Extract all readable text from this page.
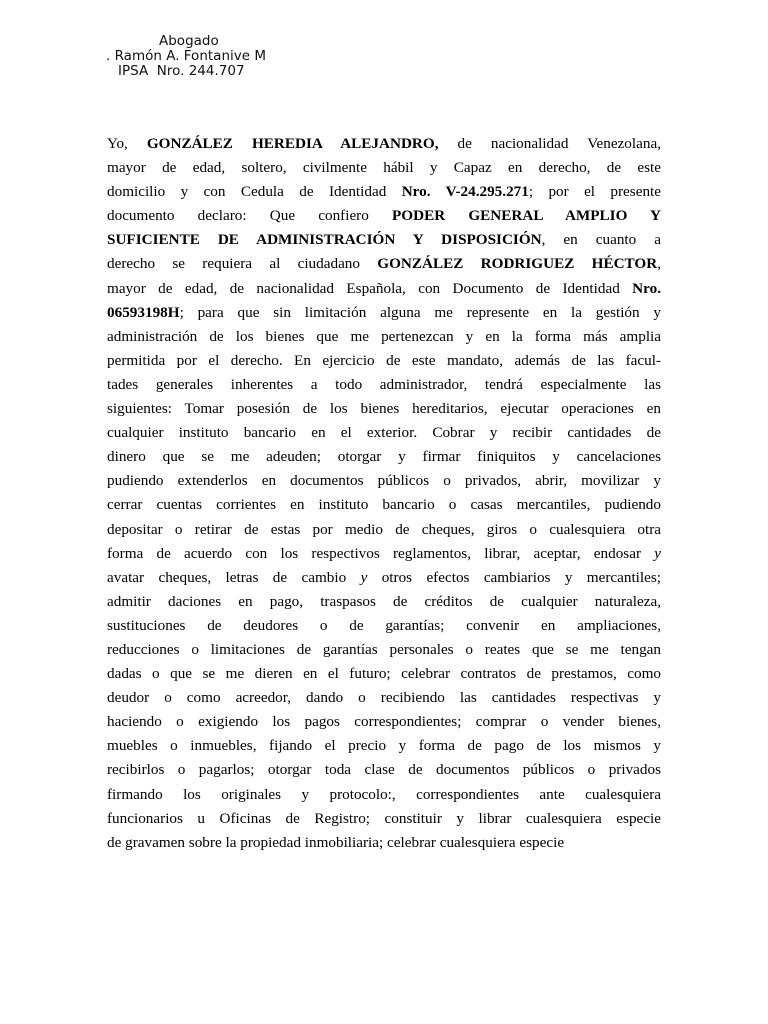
Abogado
. Ramón A. Fontanive M
IPSA  Nro. 244.707
Yo, GONZÁLEZ HEREDIA ALEJANDRO, de nacionalidad Venezolana,
mayor de edad, soltero, civilmente hábil y Capaz en derecho, de este
domicilio y con Cedula de Identidad Nro. V-24.295.271; por el presente
documento declaro: Que confiero PODER GENERAL AMPLIO Y
SUFICIENTE DE ADMINISTRACIÓN Y DISPOSICIÓN, en cuanto a
derecho se requiera al ciudadano GONZÁLEZ RODRIGUEZ HÉCTOR,
mayor de edad, de nacionalidad Española, con Documento de Identidad Nro.
06593198H; para que sin limitación alguna me represente en la gestión y
administración de los bienes que me pertenezcan y en la forma más amplia
permitida por el derecho. En ejercicio de este mandato, además de las facul-
tades generales inherentes a todo administrador, tendrá especialmente las
siguientes: Tomar posesión de los bienes hereditarios, ejecutar operaciones en
cualquier instituto bancario en el exterior. Cobrar y recibir cantidades de
dinero que se me adeuden; otorgar y firmar finiquitos y cancelaciones
pudiendo extenderlos en documentos públicos o privados, abrir, movilizar y
cerrar cuentas corrientes en instituto bancario o casas mercantiles, pudiendo
depositar o retirar de estas por medio de cheques, giros o cualesquiera otra
forma de acuerdo con los respectivos reglamentos, librar, aceptar, endosar y
avatar cheques, letras de cambio y otros efectos cambiarios y mercantiles;
admitir daciones en pago, traspasos de créditos de cualquier naturaleza,
sustituciones de deudores o de garantías; convenir en ampliaciones,
reducciones o limitaciones de garantías personales o reates que se me tengan
dadas o que se me dieren en el futuro; celebrar contratos de prestamos, como
deudor o como acreedor, dando o recibiendo las cantidades respectivas y
haciendo o exigiendo los pagos correspondientes; comprar o vender bienes,
muebles o inmuebles, fijando el precio y forma de pago de los mismos y
recibirlos o pagarlos; otorgar toda clase de documentos públicos o privados
firmando los originales y protocolo:, correspondientes ante cualesquiera
funcionarios u Oficinas de Registro; constituir y librar cualesquiera especie
de gravamen sobre la propiedad inmobiliaria; celebrar cualesquiera especie
